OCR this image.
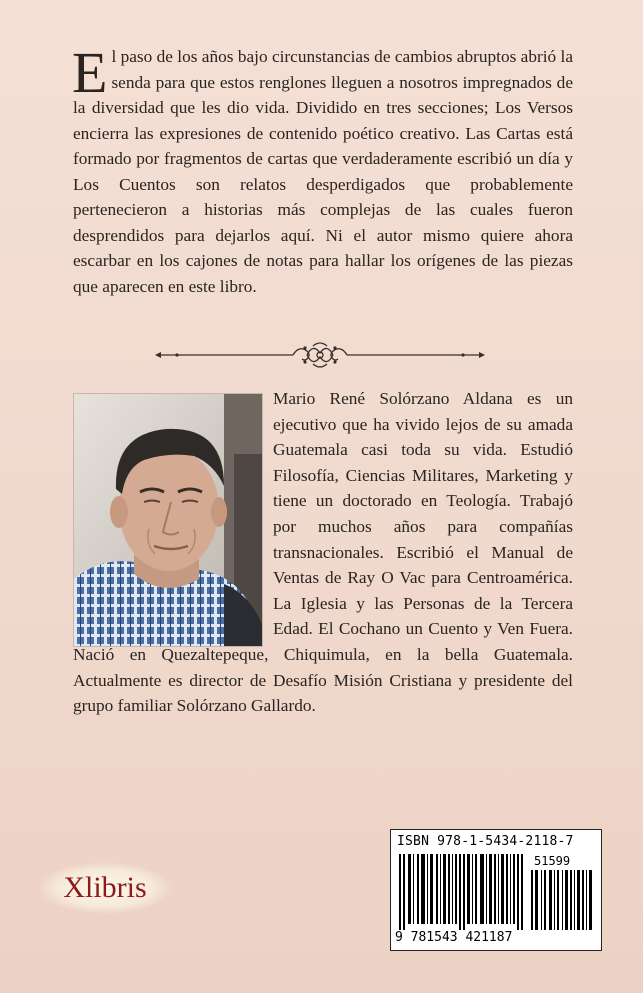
El paso de los años bajo circunstancias de cambios abruptos abrió la senda para que estos renglones lleguen a nosotros impregnados de la diversidad que les dio vida. Dividido en tres secciones; Los Versos encierra las expresiones de contenido poético creativo. Las Cartas está formado por fragmentos de cartas que verdaderamente escribió un día y Los Cuentos son relatos desperdigados que probablemente pertenecieron a historias más complejas de las cuales fueron desprendidos para dejarlos aquí. Ni el autor mismo quiere ahora escarbar en los cajones de notas para hallar los orígenes de las piezas que aparecen en este libro.

Mario René Solórzano Aldana es un ejecutivo que ha vivido lejos de su amada Guatemala casi toda su vida. Estudió Filosofía, Ciencias Militares, Marketing y tiene un doctorado en Teología. Trabajó por muchos años para compañías transnacionales. Escribió el Manual de Ventas de Ray O Vac para Centroamérica. La Iglesia y las Personas de la Tercera Edad. El Cochano un Cuento y Ven Fuera. Nació en Quezaltepeque, Chiquimula, en la bella Guatemala. Actualmente es director de Desafío Misión Cristiana y presidente del grupo familiar Solórzano Gallardo.

Xlibris
ISBN 978-1-5434-2118-7
51599
9 781543 421187
